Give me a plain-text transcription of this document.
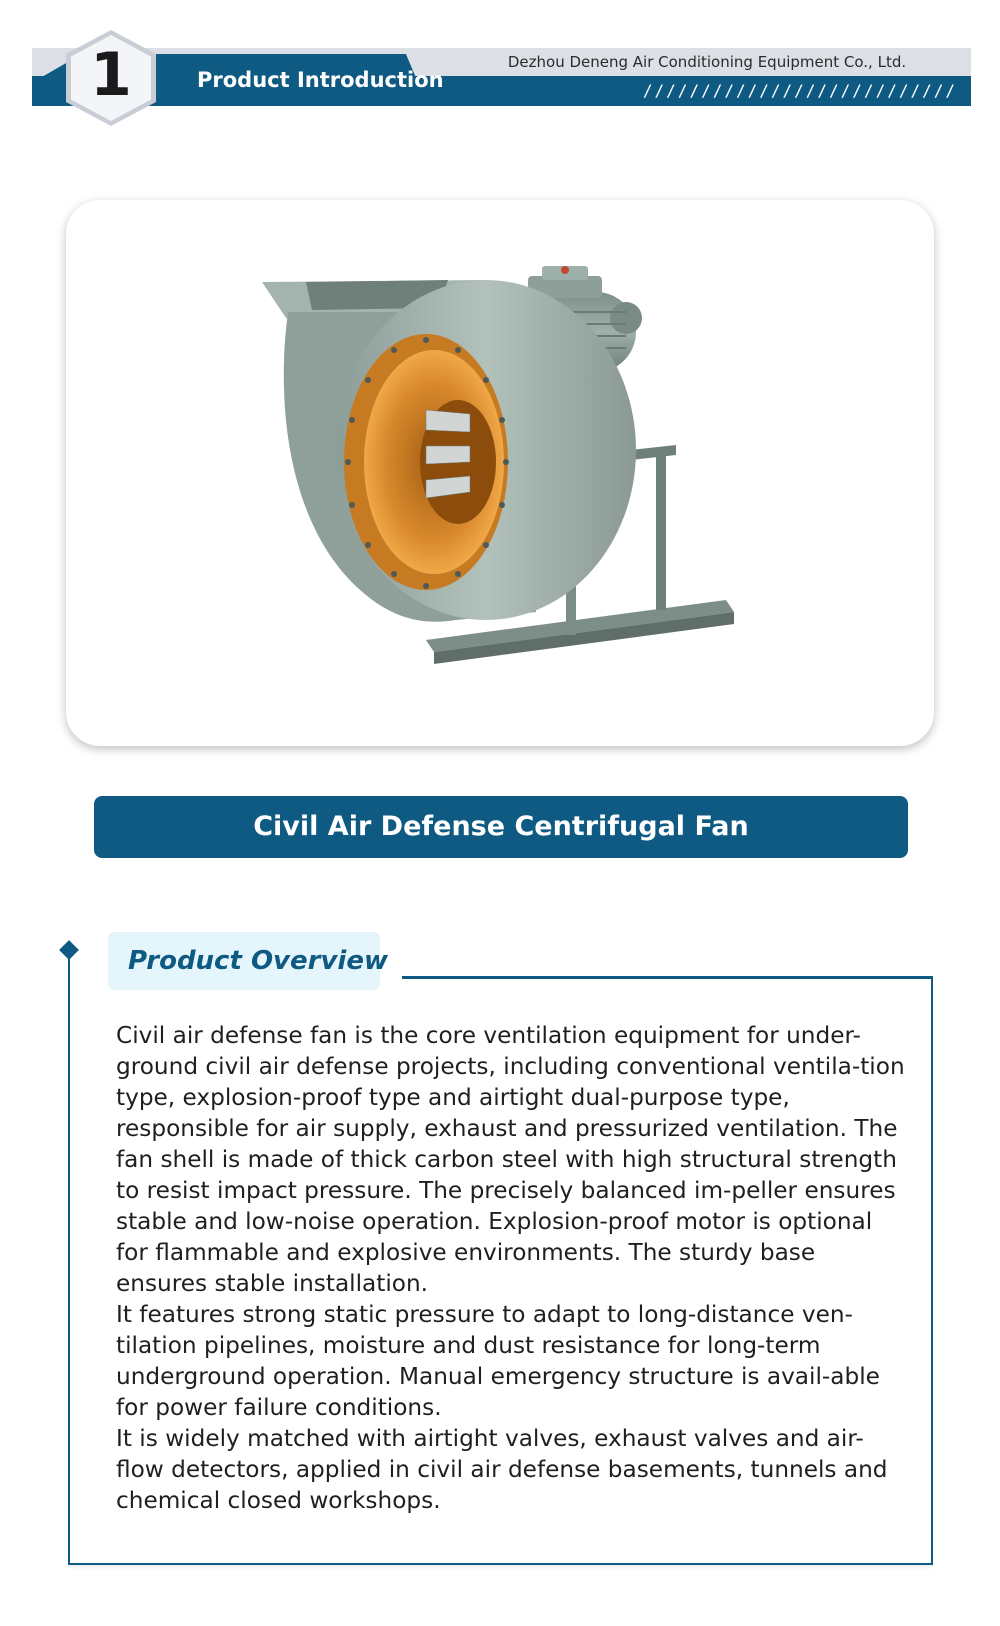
Product Introduction
Dezhou Deneng Air Conditioning Equipment Co., Ltd.
///////////////////////////
1
Civil Air Defense Centrifugal Fan
Product Overview

Civil air defense fan is the core ventilation equipment for under-ground civil air defense projects, including conventional ventila-tion type, explosion-proof type and airtight dual-purpose type, responsible for air supply, exhaust and pressurized ventilation. The fan shell is made of thick carbon steel with high structural strength to resist impact pressure. The precisely balanced im-peller ensures stable and low-noise operation. Explosion-proof motor is optional for flammable and explosive environments. The sturdy base ensures stable installation.

It features strong static pressure to adapt to long-distance ven-tilation pipelines, moisture and dust resistance for long-term underground operation. Manual emergency structure is avail-able for power failure conditions.

It is widely matched with airtight valves, exhaust valves and air-flow detectors, applied in civil air defense basements, tunnels and chemical closed workshops.
